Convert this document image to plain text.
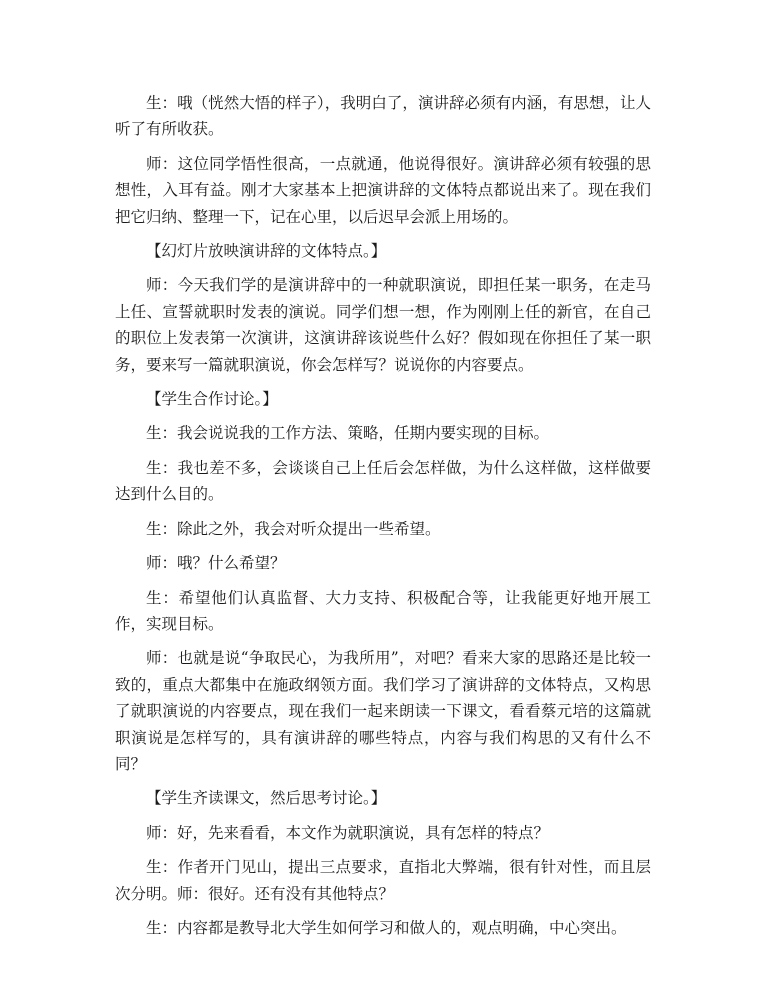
生：哦（恍然大悟的样子），我明白了，演讲辞必须有内涵，有思想，让人听了有所收获。

师：这位同学悟性很高，一点就通，他说得很好。演讲辞必须有较强的思想性，入耳有益。刚才大家基本上把演讲辞的文体特点都说出来了。现在我们把它归纳、整理一下，记在心里，以后迟早会派上用场的。

【幻灯片放映演讲辞的文体特点。】

师：今天我们学的是演讲辞中的一种就职演说，即担任某一职务，在走马上任、宣誓就职时发表的演说。同学们想一想，作为刚刚上任的新官，在自己的职位上发表第一次演讲，这演讲辞该说些什么好？假如现在你担任了某一职务，要来写一篇就职演说，你会怎样写？说说你的内容要点。

【学生合作讨论。】

生：我会说说我的工作方法、策略，任期内要实现的目标。

生：我也差不多，会谈谈自己上任后会怎样做，为什么这样做，这样做要达到什么目的。

生：除此之外，我会对听众提出一些希望。

师：哦？什么希望？

生：希望他们认真监督、大力支持、积极配合等，让我能更好地开展工作，实现目标。

师：也就是说“争取民心，为我所用”，对吧？看来大家的思路还是比较一致的，重点大都集中在施政纲领方面。我们学习了演讲辞的文体特点，又构思了就职演说的内容要点，现在我们一起来朗读一下课文，看看蔡元培的这篇就职演说是怎样写的，具有演讲辞的哪些特点，内容与我们构思的又有什么不同？

【学生齐读课文，然后思考讨论。】

师：好，先来看看，本文作为就职演说，具有怎样的特点？

生：作者开门见山，提出三点要求，直指北大弊端，很有针对性，而且层次分明。师：很好。还有没有其他特点？

生：内容都是教导北大学生如何学习和做人的，观点明确，中心突出。
